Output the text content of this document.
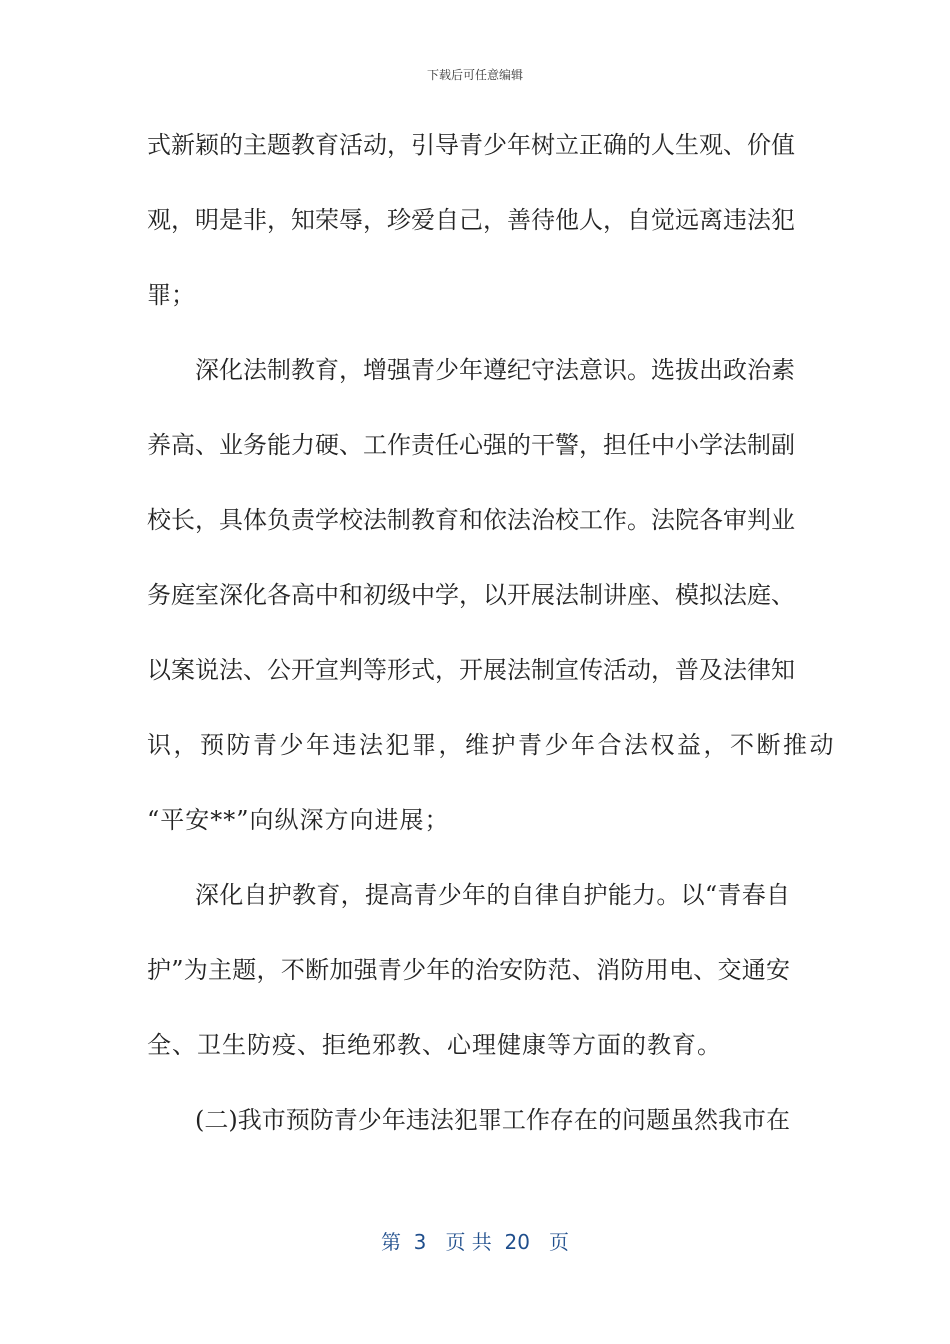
下载后可任意编辑
式新颖的主题教育活动，引导青少年树立正确的人生观、价值
观，明是非，知荣辱，珍爱自己，善待他人，自觉远离违法犯
罪；
深化法制教育，增强青少年遵纪守法意识。选拔出政治素
养高、业务能力硬、工作责任心强的干警，担任中小学法制副
校长，具体负责学校法制教育和依法治校工作。法院各审判业
务庭室深化各高中和初级中学，以开展法制讲座、模拟法庭、
以案说法、公开宣判等形式，开展法制宣传活动，普及法律知
识，预防青少年违法犯罪，维护青少年合法权益，不断推动
“平安**”向纵深方向进展；
深化自护教育，提高青少年的自律自护能力。以“青春自
护”为主题，不断加强青少年的治安防范、消防用电、交通安
全、卫生防疫、拒绝邪教、心理健康等方面的教育。
(二)我市预防青少年违法犯罪工作存在的问题虽然我市在
第  3   页 共  20   页
